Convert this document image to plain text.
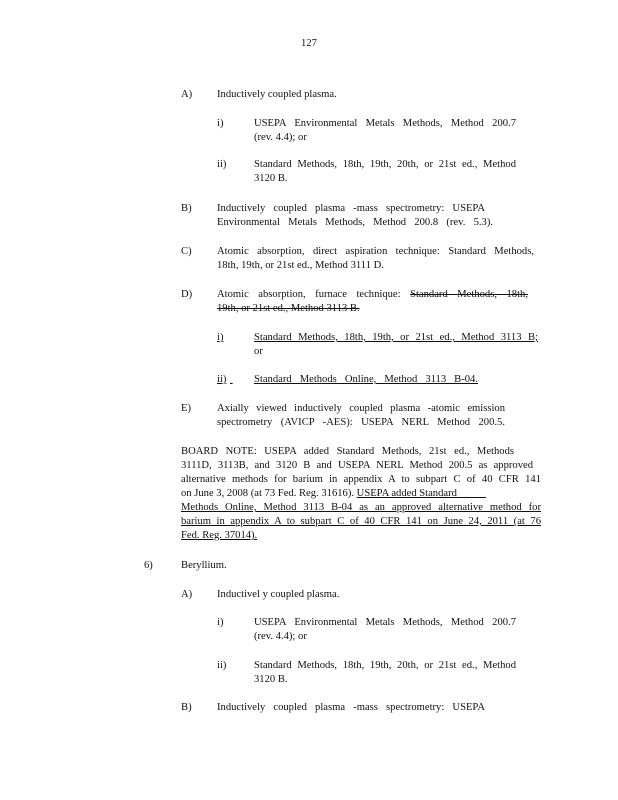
127
A) Inductively coupled plasma.
i)	USEPA Environmental Metals Methods, Method 200.7
(rev. 4.4); or
ii)	Standard Methods, 18th, 19th, 20th, or 21st ed., Method
3120 B.
B) Inductively coupled plasma -mass spectrometry: USEPA
Environmental Metals Methods, Method 200.8 (rev. 5.3).
C) Atomic absorption, direct aspiration technique: Standard Methods,
18th, 19th, or 21st ed., Method 3111 D.
D) Atomic absorption, furnace technique: Standard Methods, 18th,
19th, or 21st ed., Method 3113 B.
i)	Standard Methods, 18th, 19th, or 21st ed., Method 3113 B;
or
ii)
	Standard Methods Online, Method 3113 B-04.
E) Axially viewed inductively coupled plasma -atomic emission
spectrometry (AVICP -AES): USEPA NERL Method 200.5.
BOARD NOTE: USEPA added Standard Methods, 21st ed., Methods
3111D, 3113B, and 3120 B and USEPA NERL Method 200.5 as approved
alternative methods for barium in appendix A to subpart C of 40 CFR 141
on June 3, 2008 (at 73 Fed. Reg. 31616). USEPA added Standard
Methods Online, Method 3113 B-04 as an approved alternative method for
barium in appendix A to subpart C of 40 CFR 141 on June 24, 2011 (at 76
Fed. Reg. 37014).
6)	Beryllium.
A) Inductivel y coupled plasma.
i)	USEPA Environmental Metals Methods, Method 200.7
(rev. 4.4); or
ii)	Standard Methods, 18th, 19th, 20th, or 21st ed., Method
3120 B.
B) Inductively coupled plasma -mass spectrometry: USEPA
